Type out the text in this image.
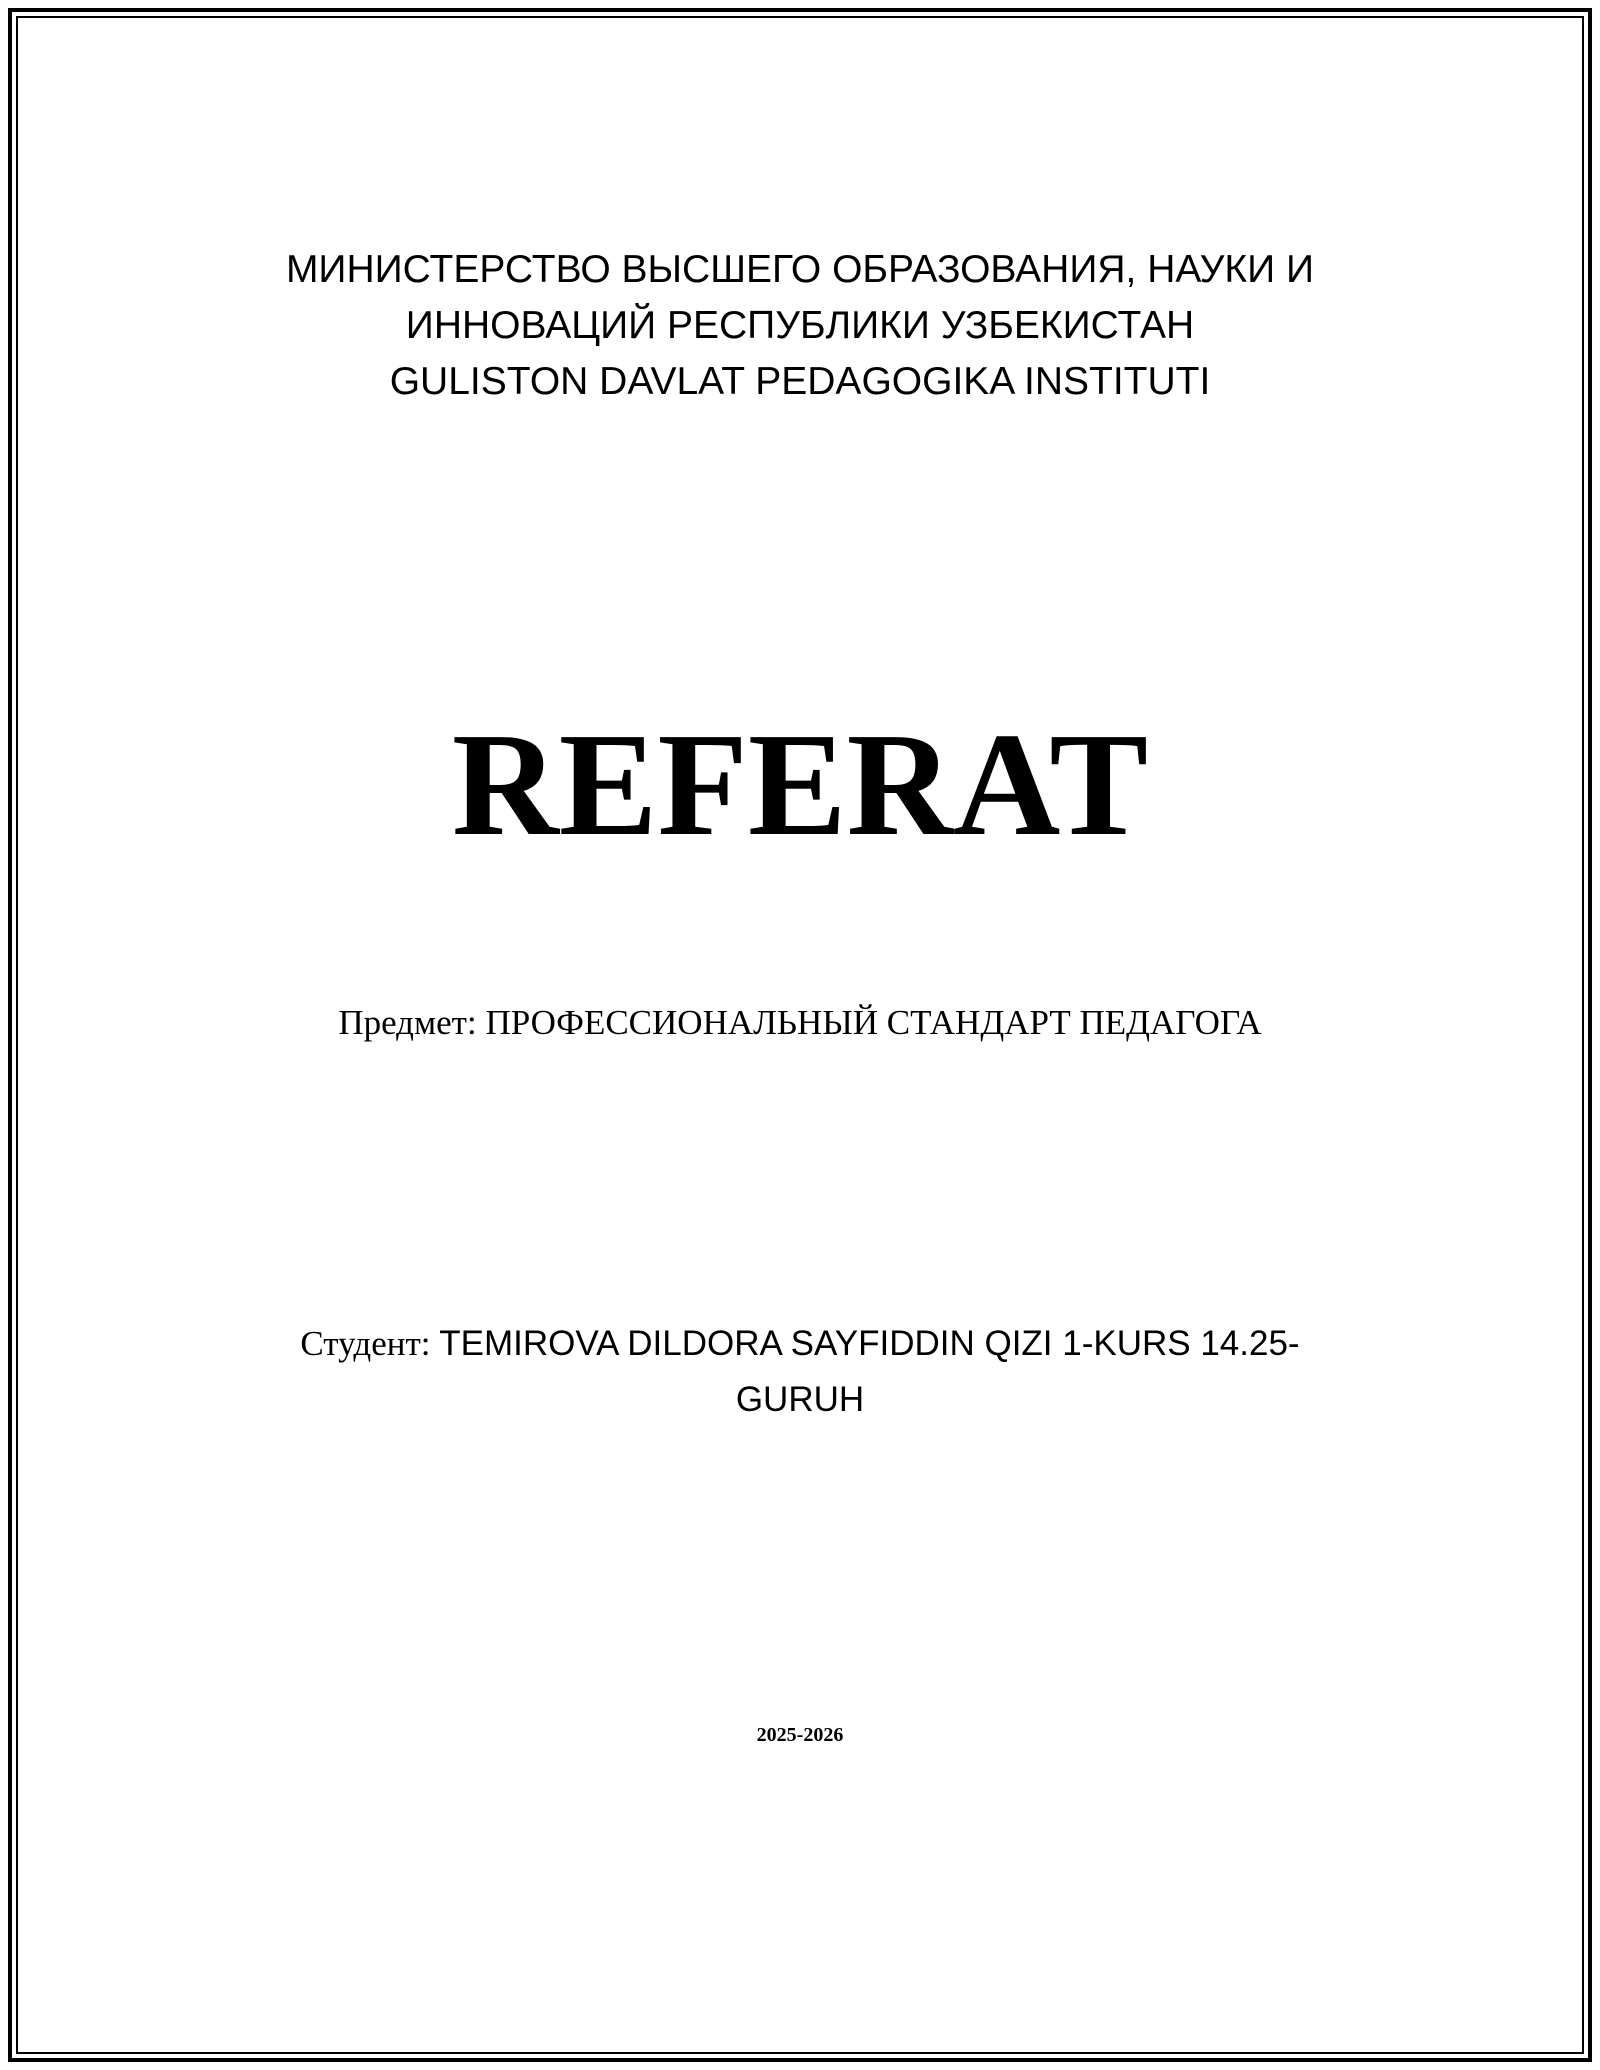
МИНИСТЕРСТВО ВЫСШЕГО ОБРАЗОВАНИЯ, НАУКИ И
ИННОВАЦИЙ РЕСПУБЛИКИ УЗБЕКИСТАН
GULISTON DAVLAT PEDAGOGIKA INSTITUTI
REFERAT
Предмет: ПРОФЕССИОНАЛЬНЫЙ СТАНДАРТ ПЕДАГОГА
Студент: TEMIROVA DILDORA SAYFIDDIN QIZI 1-KURS 14.25-
GURUH
2025-2026
